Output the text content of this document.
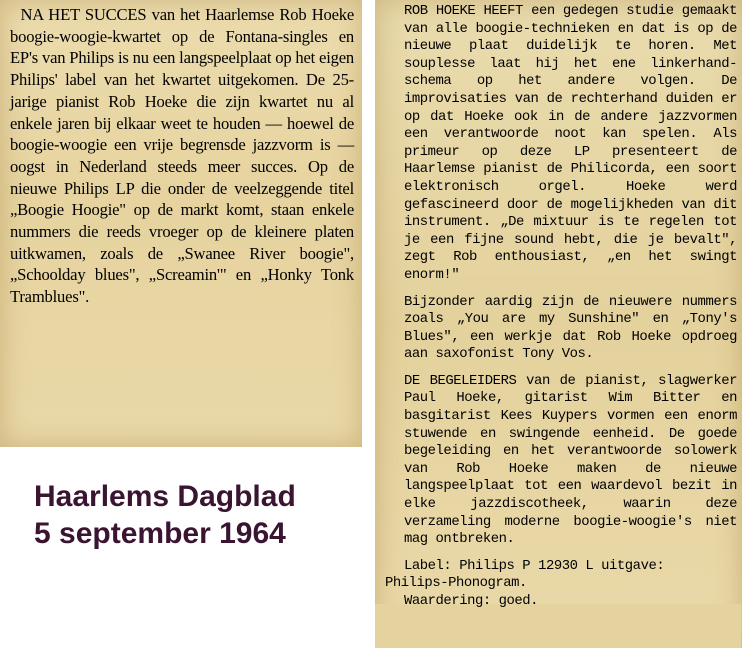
NA HET SUCCES van het Haarlemse Rob Hoeke boogie-woogie-kwartet op de Fontana-singles en EP's van Philips is nu een langspeelplaat op het eigen Philips' label van het kwartet uitgekomen. De 25-jarige pianist Rob Hoeke die zijn kwartet nu al enkele jaren bij elkaar weet te houden — hoewel de boogie-woogie een vrije begrensde jazzvorm is — oogst in Nederland steeds meer succes. Op de nieuwe Philips LP die onder de veelzeggende titel „Boogie Hoogie" op de markt komt, staan enkele nummers die reeds vroeger op de kleinere platen uitkwamen, zoals de „Swanee River boogie", „Schoolday blues", „Screamin'" en „Honky Tonk Tramblues".

ROB HOEKE HEEFT een gedegen studie gemaakt van alle boogie-technieken en dat is op de nieuwe plaat duidelijk te horen. Met souplesse laat hij het ene linkerhand-schema op het andere volgen. De improvisaties van de rechterhand duiden er op dat Hoeke ook in de andere jazzvormen een verantwoorde noot kan spelen. Als primeur op deze LP presenteert de Haarlemse pianist de Philicorda, een soort elektronisch orgel. Hoeke werd gefascineerd door de mogelijkheden van dit instrument. „De mixtuur is te regelen tot je een fijne sound hebt, die je bevalt", zegt Rob enthousiast, „en het swingt enorm!"

Bijzonder aardig zijn de nieuwere nummers zoals „You are my Sunshine" en „Tony's Blues", een werkje dat Rob Hoeke opdroeg aan saxofonist Tony Vos.

DE BEGELEIDERS van de pianist, slagwerker Paul Hoeke, gitarist Wim Bitter en basgitarist Kees Kuypers vormen een enorm stuwende en swingende eenheid. De goede begeleiding en het verantwoorde solowerk van Rob Hoeke maken de nieuwe langspeelplaat tot een waardevol bezit in elke jazzdiscotheek, waarin deze verzameling moderne boogie-woogie's niet mag ontbreken.

Label: Philips P 12930 L uitgave:

Philips-Phonogram.

Waardering: goed.

Haarlems Dagblad
5 september 1964
